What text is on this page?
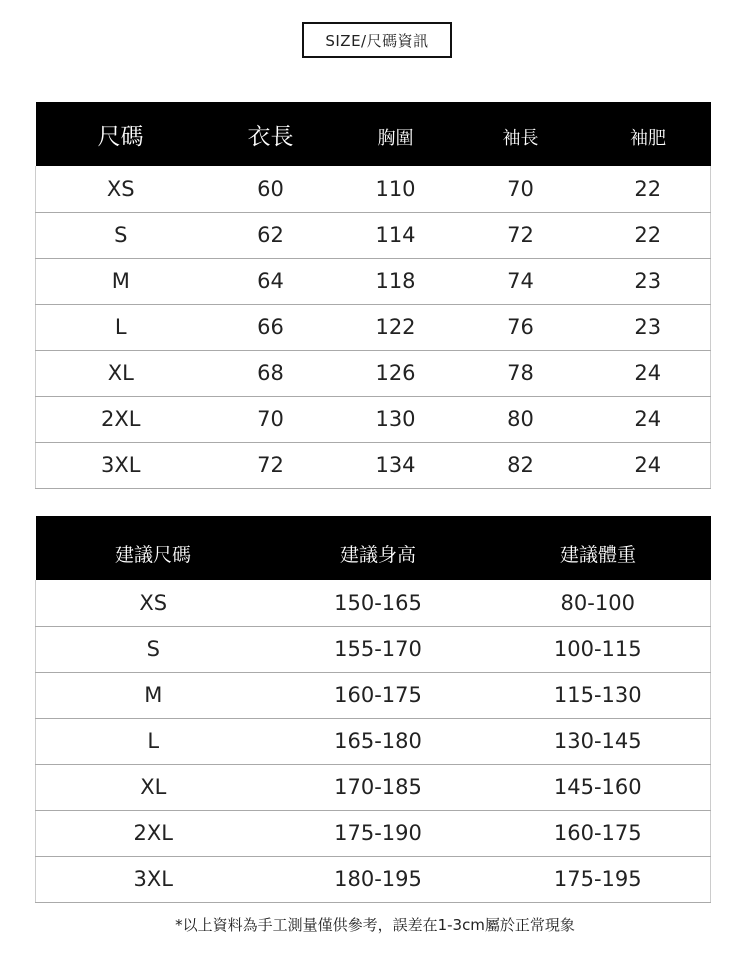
SIZE/尺碼資訊
尺碼	衣長	胸圍	袖長	袖肥
XS	60	110	70	22
S	62	114	72	22
M	64	118	74	23
L	66	122	76	23
XL	68	126	78	24
2XL	70	130	80	24
3XL	72	134	82	24
建議尺碼	建議身高	建議體重
XS	150-165	80-100
S	155-170	100-115
M	160-175	115-130
L	165-180	130-145
XL	170-185	145-160
2XL	175-190	160-175
3XL	180-195	175-195
*以上資料為手工測量僅供參考，誤差在1-3cm屬於正常現象
